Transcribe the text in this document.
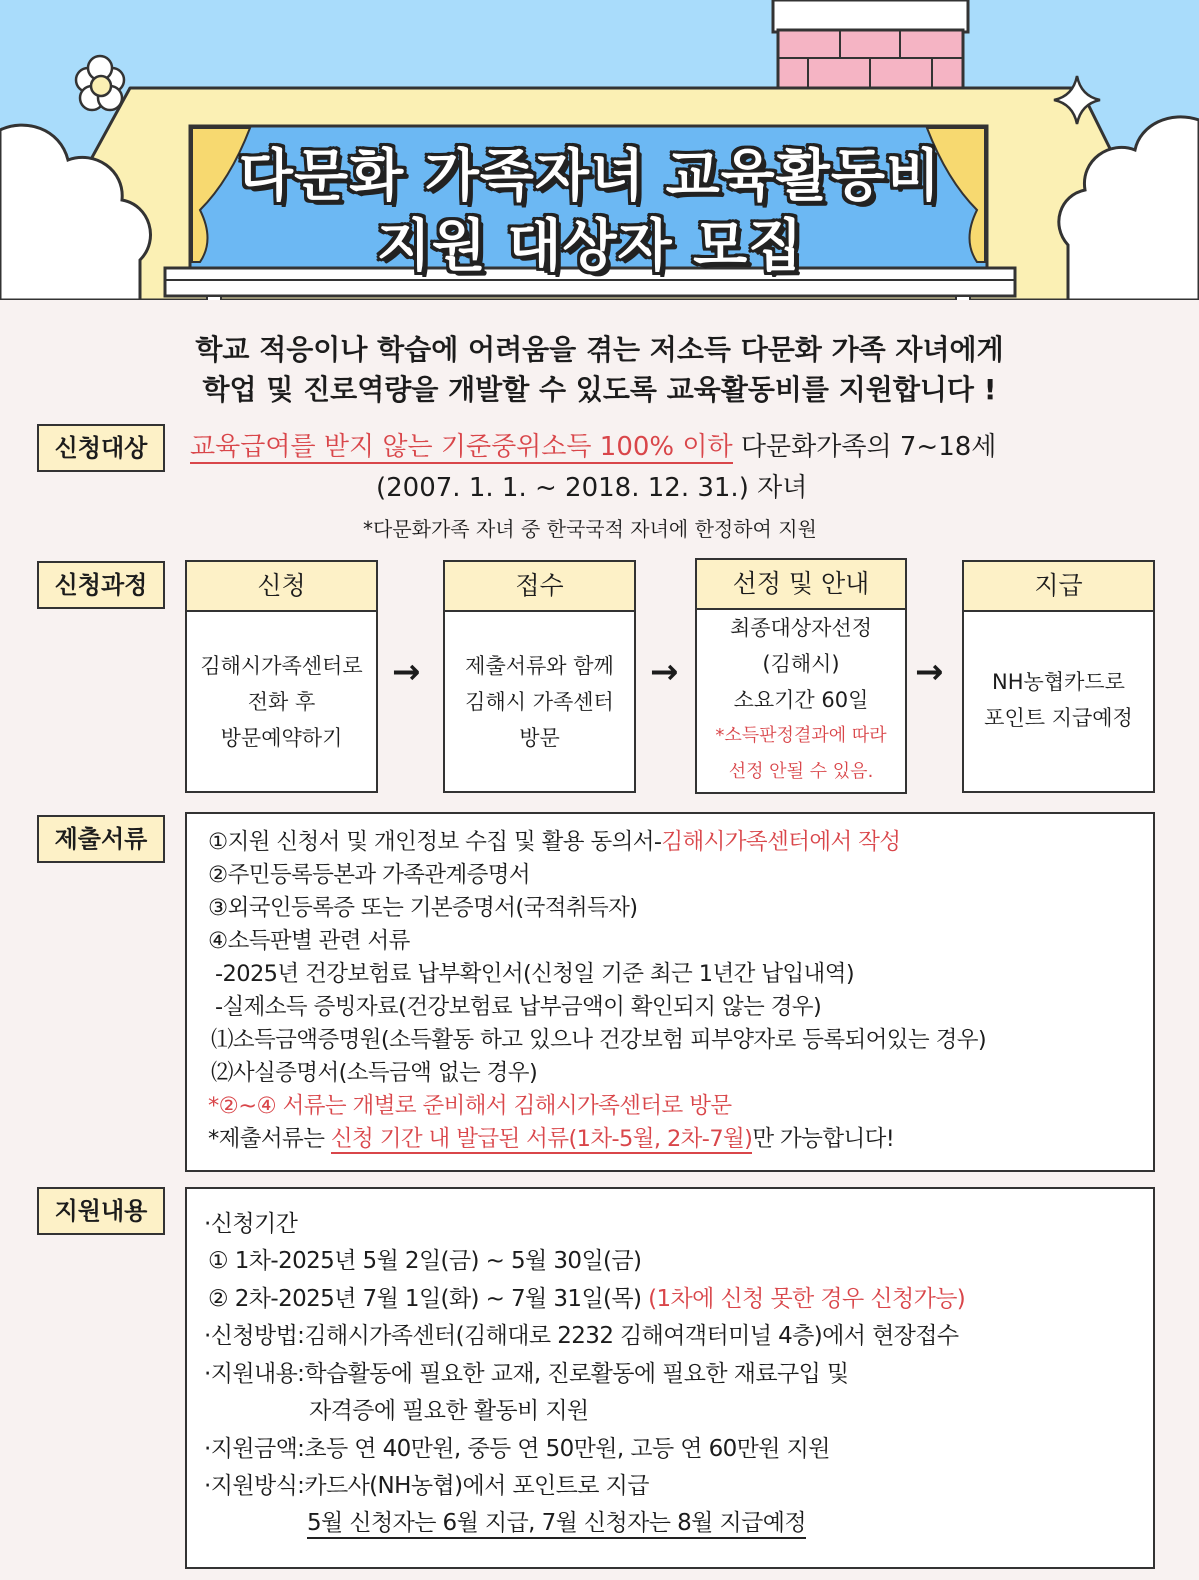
다문화 가족자녀 교육활동비
지원 대상자 모집
학교 적응이나 학습에 어려움을 겪는 저소득 다문화 가족 자녀에게
학업 및 진로역량을 개발할 수 있도록 교육활동비를 지원합니다 !
신청대상	교육급여를 받지 않는 기준중위소득 100% 이하 다문화가족의 7~18세
(2007. 1. 1. ~ 2018. 12. 31.) 자녀
*다문화가족 자녀 중 한국국적 자녀에 한정하여 지원
신청과정	신청
김해시가족센터로
전화 후
방문예약하기
→
접수
제출서류와 함께
김해시 가족센터
방문
→
선정 및 안내
최종대상자선정
(김해시)
소요기간 60일
*소득판정결과에 따라
선정 안될 수 있음.
→
지급
NH농협카드로
포인트 지급예정
제출서류	①지원 신청서 및 개인정보 수집 및 활용 동의서-김해시가족센터에서 작성
②주민등록등본과 가족관계증명서
③외국인등록증 또는 기본증명서(국적취득자)
④소득판별 관련 서류
-2025년 건강보험료 납부확인서(신청일 기준 최근 1년간 납입내역)
-실제소득 증빙자료(건강보험료 납부금액이 확인되지 않는 경우)
⑴소득금액증명원(소득활동 하고 있으나 건강보험 피부양자로 등록되어있는 경우)
⑵사실증명서(소득금액 없는 경우)
*②~④ 서류는 개별로 준비해서 김해시가족센터로 방문
*제출서류는 신청 기간 내 발급된 서류(1차-5월, 2차-7월)만 가능합니다!
지원내용	·신청기간
① 1차-2025년 5월 2일(금) ~ 5월 30일(금)
② 2차-2025년 7월 1일(화) ~ 7월 31일(목) (1차에 신청 못한 경우 신청가능)
·신청방법:김해시가족센터(김해대로 2232 김해여객터미널 4층)에서 현장접수
·지원내용:학습활동에 필요한 교재, 진로활동에 필요한 재료구입 및
자격증에 필요한 활동비 지원
·지원금액:초등 연 40만원, 중등 연 50만원, 고등 연 60만원 지원
·지원방식:카드사(NH농협)에서 포인트로 지급
5월 신청자는 6월 지급, 7월 신청자는 8월 지급예정
